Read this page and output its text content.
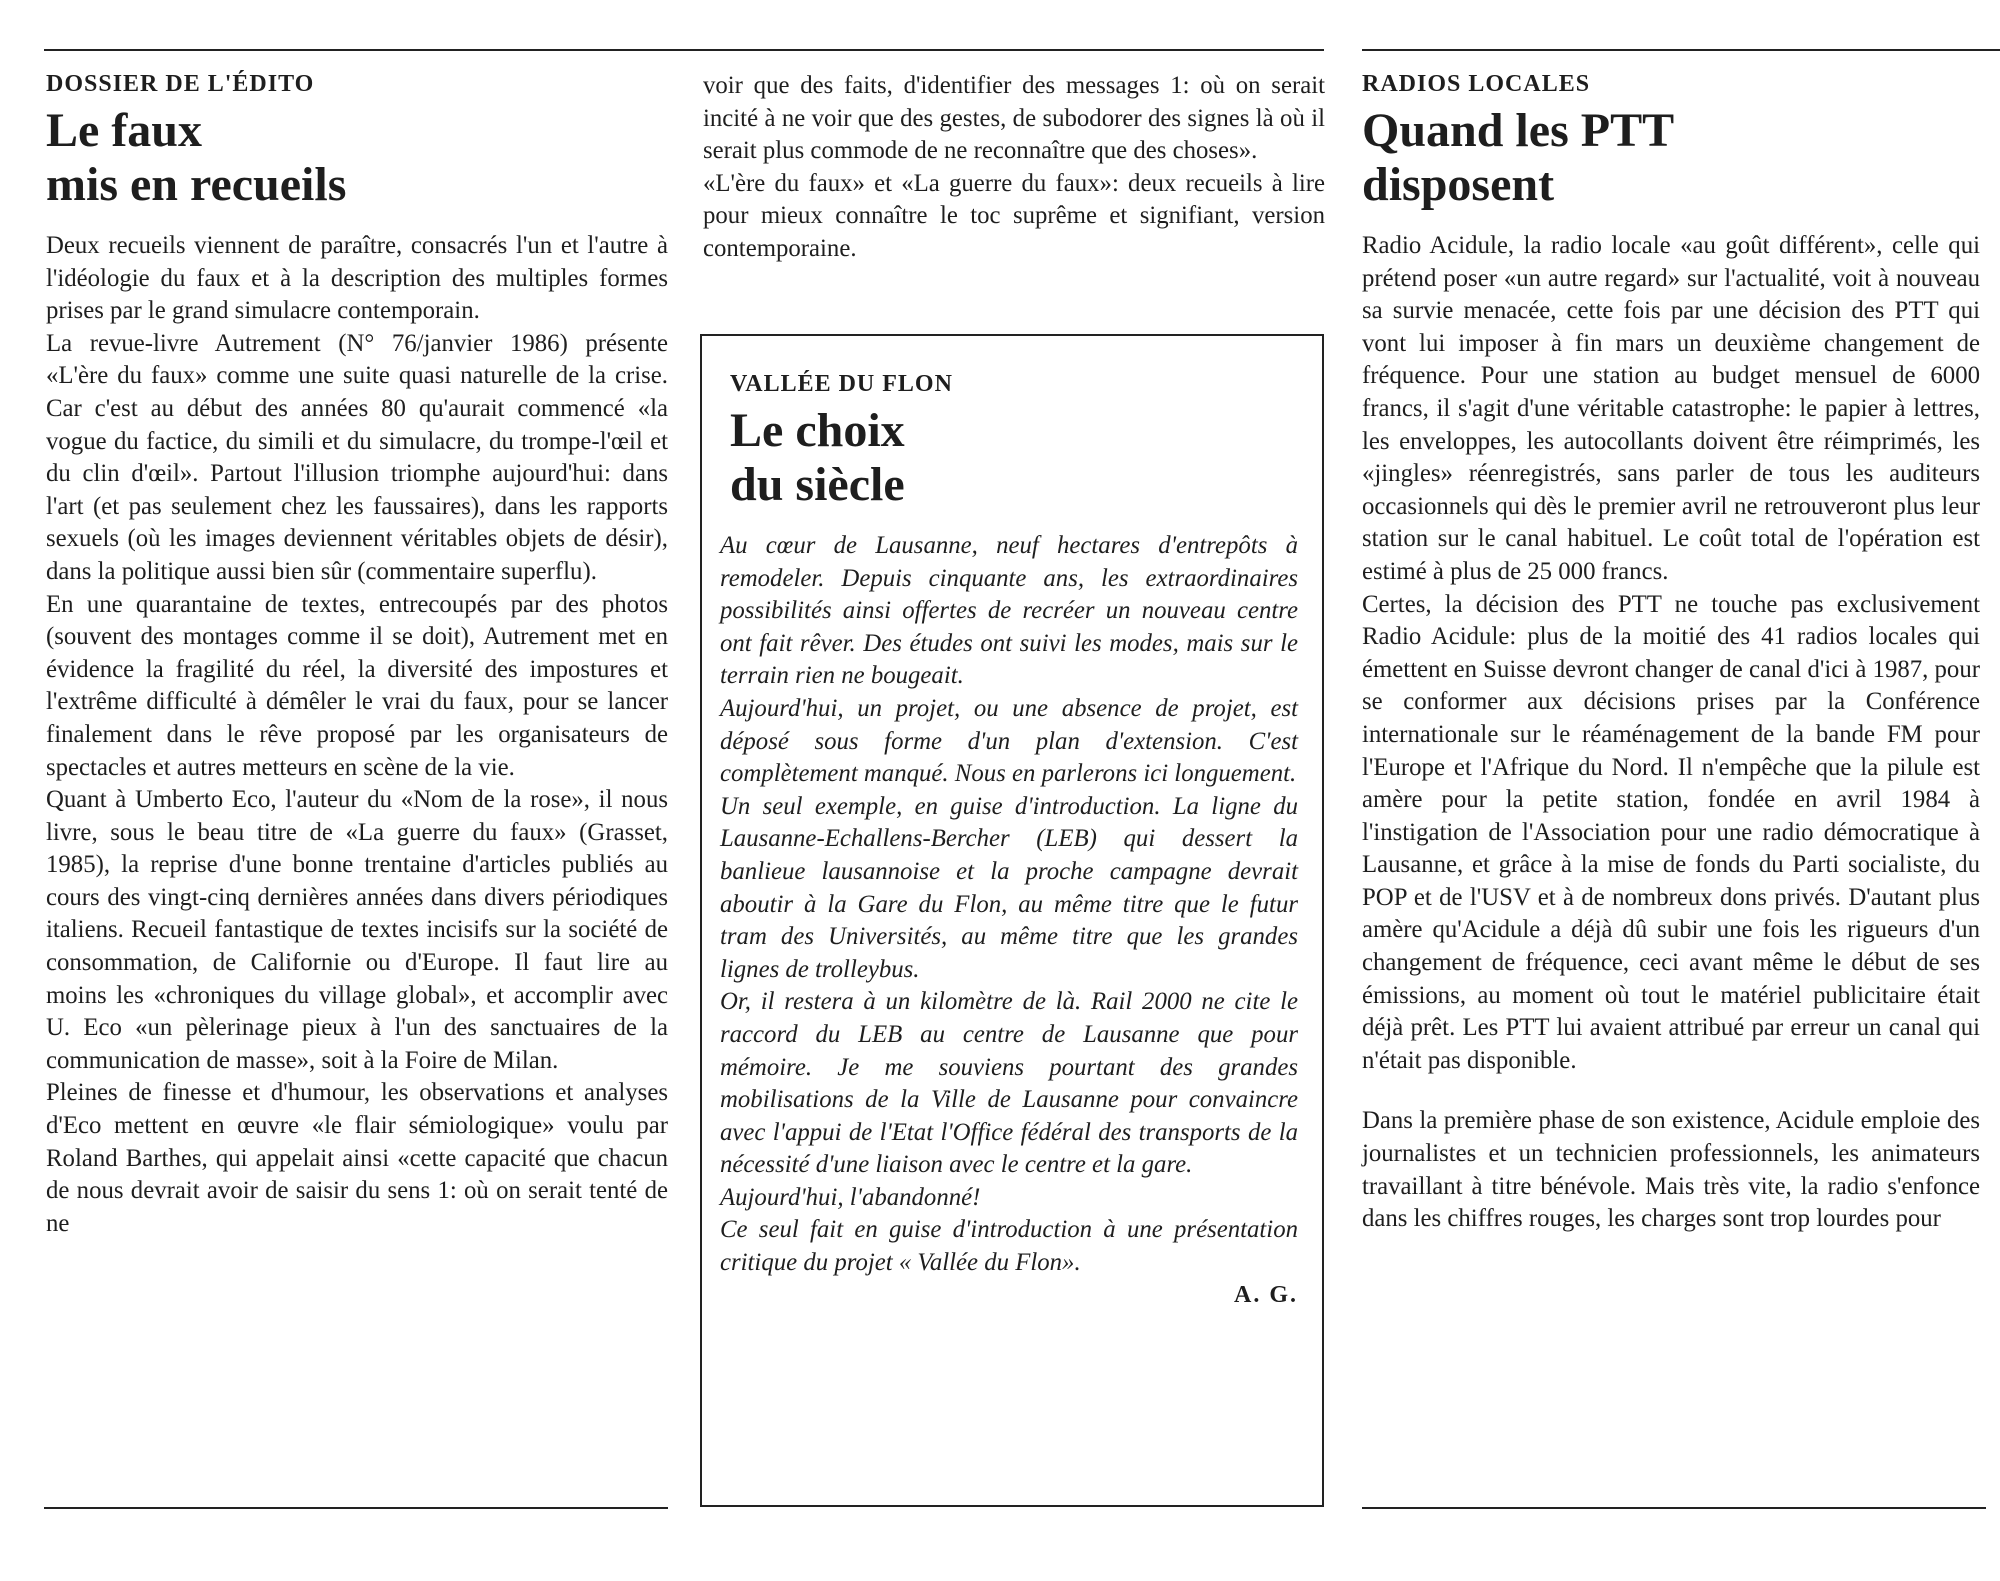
DOSSIER DE L'ÉDITO
Le faux
mis en recueils

Deux recueils viennent de paraître, consacrés l'un et l'autre à l'idéologie du faux et à la description des multiples formes prises par le grand simulacre contemporain.

La revue-livre Autrement (N° 76/janvier 1986) présente «L'ère du faux» comme une suite quasi naturelle de la crise. Car c'est au début des années 80 qu'aurait commencé «la vogue du factice, du simili et du simulacre, du trompe-l'œil et du clin d'œil». Partout l'illusion triomphe aujourd'hui: dans l'art (et pas seulement chez les faussaires), dans les rapports sexuels (où les images deviennent véritables objets de désir), dans la politique aussi bien sûr (commentaire superflu).

En une quarantaine de textes, entrecoupés par des photos (souvent des montages comme il se doit), Autrement met en évidence la fragilité du réel, la diversité des impostures et l'extrême difficulté à démêler le vrai du faux, pour se lancer finalement dans le rêve proposé par les organisateurs de spectacles et autres metteurs en scène de la vie.

Quant à Umberto Eco, l'auteur du «Nom de la rose», il nous livre, sous le beau titre de «La guerre du faux» (Grasset, 1985), la reprise d'une bonne trentaine d'articles publiés au cours des vingt-cinq dernières années dans divers périodiques italiens. Recueil fantastique de textes incisifs sur la société de consommation, de Californie ou d'Europe. Il faut lire au moins les «chroniques du village global», et accomplir avec U. Eco «un pèlerinage pieux à l'un des sanctuaires de la communication de masse», soit à la Foire de Milan.

Pleines de finesse et d'humour, les observations et analyses d'Eco mettent en œuvre «le flair sémiologique» voulu par Roland Barthes, qui appelait ainsi «cette capacité que chacun de nous devrait avoir de saisir du sens 1: où on serait tenté de ne

voir que des faits, d'identifier des messages 1: où on serait incité à ne voir que des gestes, de subodorer des signes là où il serait plus commode de ne reconnaître que des choses».

«L'ère du faux» et «La guerre du faux»: deux recueils à lire pour mieux connaître le toc suprême et signifiant, version contemporaine.

VALLÉE DU FLON
Le choix
du siècle

Au cœur de Lausanne, neuf hectares d'entrepôts à remodeler. Depuis cinquante ans, les extraordinaires possibilités ainsi offertes de recréer un nouveau centre ont fait rêver. Des études ont suivi les modes, mais sur le terrain rien ne bougeait.

Aujourd'hui, un projet, ou une absence de projet, est déposé sous forme d'un plan d'extension. C'est complètement manqué. Nous en parlerons ici longuement.

Un seul exemple, en guise d'introduction. La ligne du Lausanne-Echallens-Bercher (LEB) qui dessert la banlieue lausannoise et la proche campagne devrait aboutir à la Gare du Flon, au même titre que le futur tram des Universités, au même titre que les grandes lignes de trolleybus.

Or, il restera à un kilomètre de là. Rail 2000 ne cite le raccord du LEB au centre de Lausanne que pour mémoire. Je me souviens pourtant des grandes mobilisations de la Ville de Lausanne pour convaincre avec l'appui de l'Etat l'Office fédéral des transports de la nécessité d'une liaison avec le centre et la gare.

Aujourd'hui, l'abandonné!

Ce seul fait en guise d'introduction à une présentation critique du projet « Vallée du Flon».

A. G.
RADIOS LOCALES
Quand les PTT
disposent

Radio Acidule, la radio locale «au goût différent», celle qui prétend poser «un autre regard» sur l'actualité, voit à nouveau sa survie menacée, cette fois par une décision des PTT qui vont lui imposer à fin mars un deuxième changement de fréquence. Pour une station au budget mensuel de 6000 francs, il s'agit d'une véritable catastrophe: le papier à lettres, les enveloppes, les autocollants doivent être réimprimés, les «jingles» réenregistrés, sans parler de tous les auditeurs occasionnels qui dès le premier avril ne retrouveront plus leur station sur le canal habituel. Le coût total de l'opération est estimé à plus de 25 000 francs.

Certes, la décision des PTT ne touche pas exclusivement Radio Acidule: plus de la moitié des 41 radios locales qui émettent en Suisse devront changer de canal d'ici à 1987, pour se conformer aux décisions prises par la Conférence internationale sur le réaménagement de la bande FM pour l'Europe et l'Afrique du Nord. Il n'empêche que la pilule est amère pour la petite station, fondée en avril 1984 à l'instigation de l'Association pour une radio démocratique à Lausanne, et grâce à la mise de fonds du Parti socialiste, du POP et de l'USV et à de nombreux dons privés. D'autant plus amère qu'Acidule a déjà dû subir une fois les rigueurs d'un changement de fréquence, ceci avant même le début de ses émissions, au moment où tout le matériel publicitaire était déjà prêt. Les PTT lui avaient attribué par erreur un canal qui n'était pas disponible.

Dans la première phase de son existence, Acidule emploie des journalistes et un technicien professionnels, les animateurs travaillant à titre bénévole. Mais très vite, la radio s'enfonce dans les chiffres rouges, les charges sont trop lourdes pour
